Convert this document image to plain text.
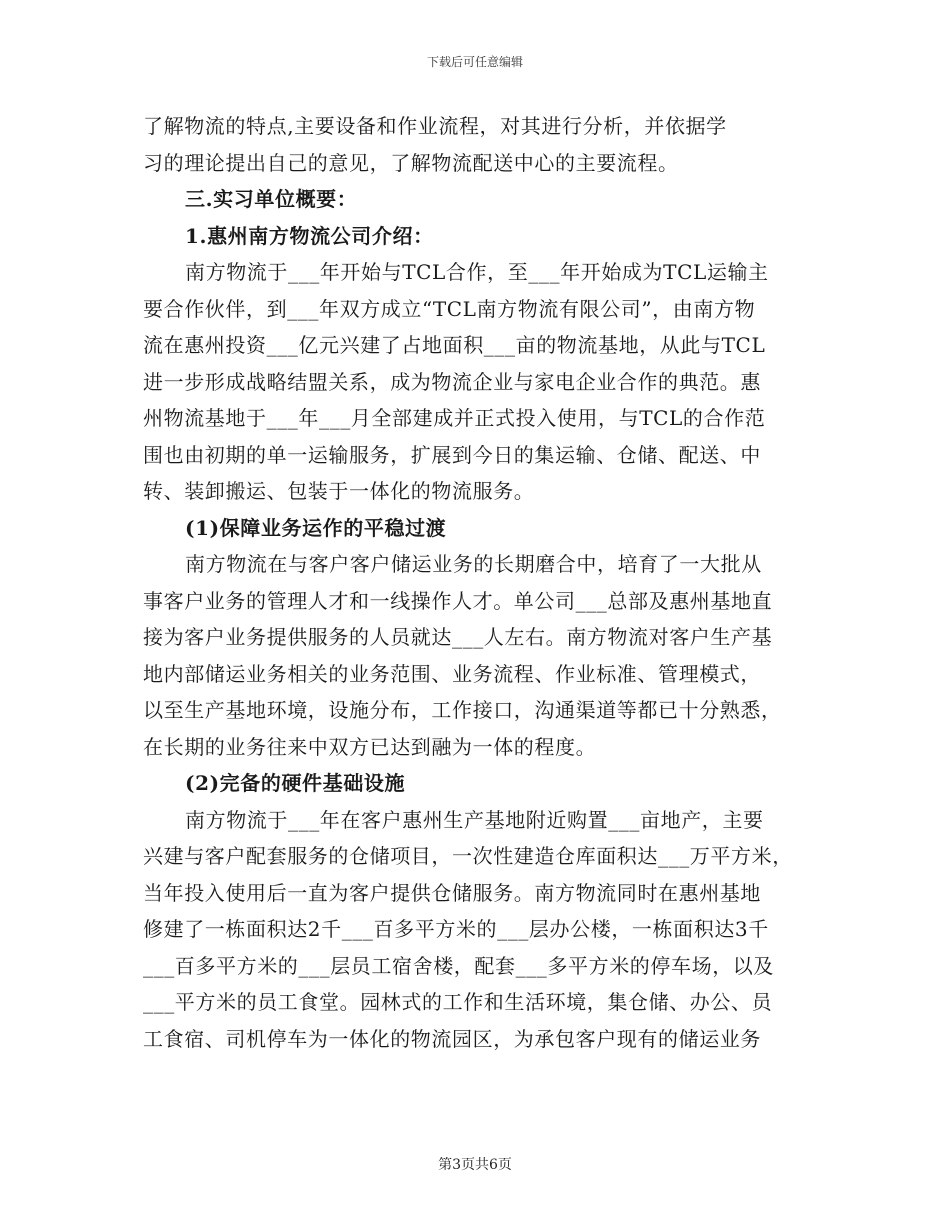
下载后可任意编辑
了解物流的特点,主要设备和作业流程，对其进行分析，并依据学
习的理论提出自己的意见，了解物流配送中心的主要流程。
三.实习单位概要：
1.惠州南方物流公司介绍：
南方物流于___年开始与TCL合作，至___年开始成为TCL运输主
要合作伙伴，到___年双方成立“TCL南方物流有限公司”，由南方物
流在惠州投资___亿元兴建了占地面积___亩的物流基地，从此与TCL
进一步形成战略结盟关系，成为物流企业与家电企业合作的典范。惠
州物流基地于___年___月全部建成并正式投入使用，与TCL的合作范
围也由初期的单一运输服务，扩展到今日的集运输、仓储、配送、中
转、装卸搬运、包装于一体化的物流服务。
(1)保障业务运作的平稳过渡
南方物流在与客户客户储运业务的长期磨合中，培育了一大批从
事客户业务的管理人才和一线操作人才。单公司___总部及惠州基地直
接为客户业务提供服务的人员就达___人左右。南方物流对客户生产基
地内部储运业务相关的业务范围、业务流程、作业标准、管理模式，
以至生产基地环境，设施分布，工作接口，沟通渠道等都已十分熟悉，
在长期的业务往来中双方已达到融为一体的程度。
(2)完备的硬件基础设施
南方物流于___年在客户惠州生产基地附近购置___亩地产，主要
兴建与客户配套服务的仓储项目，一次性建造仓库面积达___万平方米，
当年投入使用后一直为客户提供仓储服务。南方物流同时在惠州基地
修建了一栋面积达2千___百多平方米的___层办公楼，一栋面积达3千
___百多平方米的___层员工宿舍楼，配套___多平方米的停车场，以及
___平方米的员工食堂。园林式的工作和生活环境，集仓储、办公、员
工食宿、司机停车为一体化的物流园区，为承包客户现有的储运业务
第3页共6页
